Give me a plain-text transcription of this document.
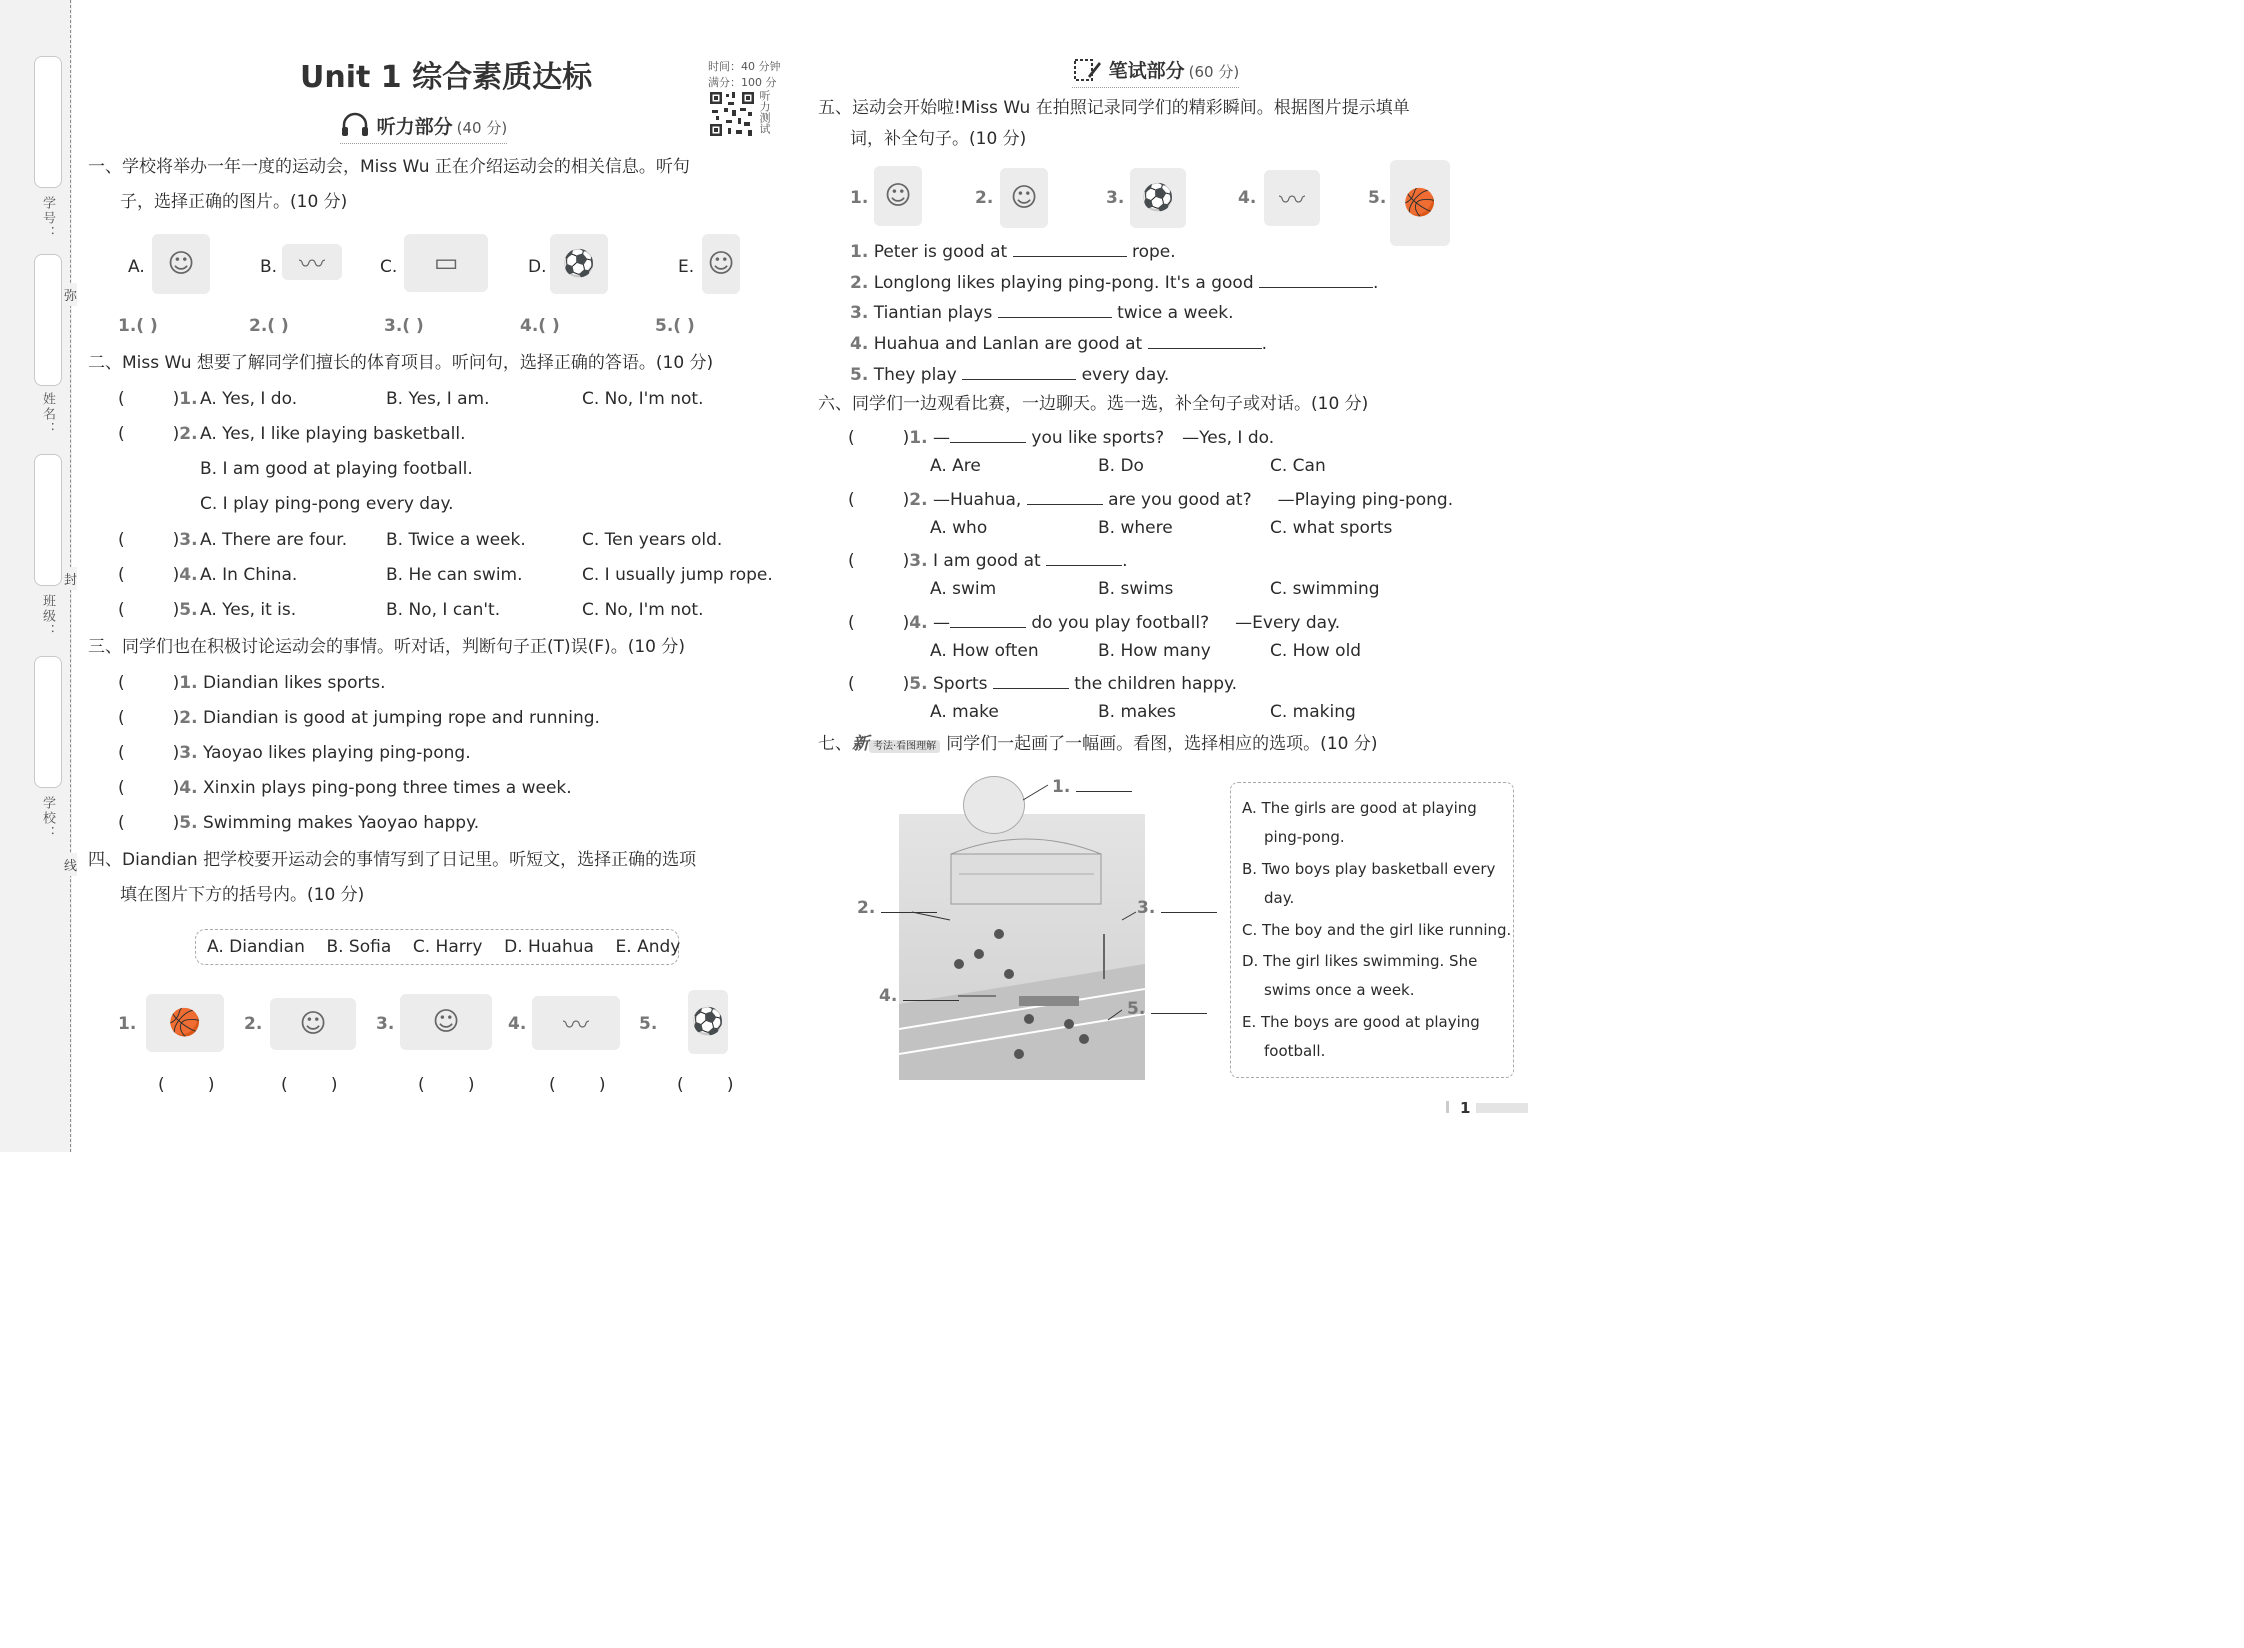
学号：
姓名：
班级：
学校：
弥
封
线
Unit 1 综合素质达标	时间：40 分钟
满分：100 分
听力测试
听力部分 (40 分)
一、学校将举办一年一度的运动会，Miss Wu 正在介绍运动会的相关信息。听句
子，选择正确的图片。(10 分)
A. ☺	B. 〰	C. ▭	D. ⚽	E. ☺
1.( )	2.( )	3.( )	4.( )	5.( )
二、Miss Wu 想要了解同学们擅长的体育项目。听问句，选择正确的答语。(10 分)
(	)1. A. Yes, I do.	B. Yes, I am.	C. No, I'm not.
(	)2. A. Yes, I like playing basketball.
B. I am good at playing football.
C. I play ping-pong every day.
(	)3. A. There are four. B. Twice a week.	C. Ten years old.
(	)4. A. In China.	B. He can swim.	C. I usually jump rope.
(	)5. A. Yes, it is.	B. No, I can't.	C. No, I'm not.
三、同学们也在积极讨论运动会的事情。听对话，判断句子正(T)误(F)。(10 分)
(	)1. Diandian likes sports.
(	)2. Diandian is good at jumping rope and running.
(	)3. Yaoyao likes playing ping-pong.
(	)4. Xinxin plays ping-pong three times a week.
(	)5. Swimming makes Yaoyao happy.
四、Diandian 把学校要开运动会的事情写到了日记里。听短文，选择正确的选项
填在图片下方的括号内。(10 分)
A. Diandian    B. Sofia    C. Harry    D. Huahua    E. Andy
1. 🏀	2. ☺	3. ☺	4. 〰	5. ⚽
(        )	(        )	(        )	(        )	(        )
笔试部分 (60 分)
五、运动会开始啦!Miss Wu 在拍照记录同学们的精彩瞬间。根据图片提示填单
词，补全句子。(10 分)
1. ☺	2. ☺	3. ⚽	4. 〰	5. 🏀
1. Peter is good at	rope.
2. Longlong likes playing ping-pong. It's a good	.
3. Tiantian plays	twice a week.
4. Huahua and Lanlan are good at	.
5. They play	every day.
六、同学们一边观看比赛，一边聊天。选一选，补全句子或对话。(10 分)
(	)1. —	you like sports? —Yes, I do.
A. Are	B. Do	C. Can
(	)2. —Huahua,	are you good at? —Playing ping-pong.
A. who	B. where	C. what sports
(	)3. I am good at	.
A. swim	B. swims	C. swimming
(	)4. —	do you play football? —Every day.
A. How often	B. How many	C. How old
(	)5. Sports	the children happy.
A. make	B. makes	C. making
七、新 考法·看图理解 同学们一起画了一幅画。看图，选择相应的选项。(10 分)
1.
2.	3.
4.
5.
A. The girls are good at playing
ping-pong.
B. Two boys play basketball every
day.
C. The boy and the girl like running.
D. The girl likes swimming. She
swims once a week.
E. The boys are good at playing
football.
1
